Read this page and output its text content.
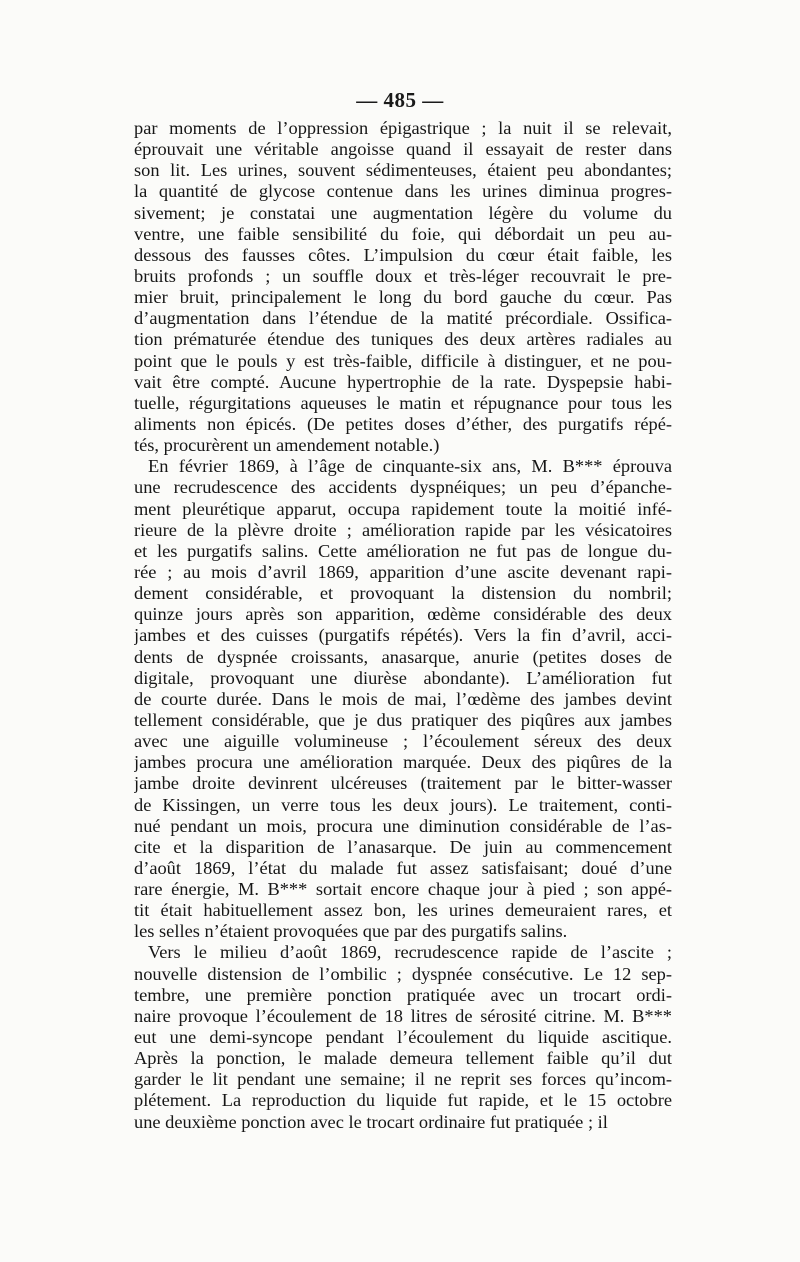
— 485 —
par moments de l’oppression épigastrique ; la nuit il se relevait,
éprouvait une véritable angoisse quand il essayait de rester dans
son lit. Les urines, souvent sédimenteuses, étaient peu abondantes;
la quantité de glycose contenue dans les urines diminua progres-
sivement; je constatai une augmentation légère du volume du
ventre, une faible sensibilité du foie, qui débordait un peu au-
dessous des fausses côtes. L’impulsion du cœur était faible, les
bruits profonds ; un souffle doux et très-léger recouvrait le pre-
mier bruit, principalement le long du bord gauche du cœur. Pas
d’augmentation dans l’étendue de la matité précordiale. Ossifica-
tion prématurée étendue des tuniques des deux artères radiales au
point que le pouls y est très-faible, difficile à distinguer, et ne pou-
vait être compté. Aucune hypertrophie de la rate. Dyspepsie habi-
tuelle, régurgitations aqueuses le matin et répugnance pour tous les
aliments non épicés. (De petites doses d’éther, des purgatifs répé-
tés, procurèrent un amendement notable.)
En février 1869, à l’âge de cinquante-six ans, M. B*** éprouva
une recrudescence des accidents dyspnéiques; un peu d’épanche-
ment pleurétique apparut, occupa rapidement toute la moitié infé-
rieure de la plèvre droite ; amélioration rapide par les vésicatoires
et les purgatifs salins. Cette amélioration ne fut pas de longue du-
rée ; au mois d’avril 1869, apparition d’une ascite devenant rapi-
dement considérable, et provoquant la distension du nombril;
quinze jours après son apparition, œdème considérable des deux
jambes et des cuisses (purgatifs répétés). Vers la fin d’avril, acci-
dents de dyspnée croissants, anasarque, anurie (petites doses de
digitale, provoquant une diurèse abondante). L’amélioration fut
de courte durée. Dans le mois de mai, l’œdème des jambes devint
tellement considérable, que je dus pratiquer des piqûres aux jambes
avec une aiguille volumineuse ; l’écoulement séreux des deux
jambes procura une amélioration marquée. Deux des piqûres de la
jambe droite devinrent ulcéreuses (traitement par le bitter-wasser
de Kissingen, un verre tous les deux jours). Le traitement, conti-
nué pendant un mois, procura une diminution considérable de l’as-
cite et la disparition de l’anasarque. De juin au commencement
d’août 1869, l’état du malade fut assez satisfaisant; doué d’une
rare énergie, M. B*** sortait encore chaque jour à pied ; son appé-
tit était habituellement assez bon, les urines demeuraient rares, et
les selles n’étaient provoquées que par des purgatifs salins.
Vers le milieu d’août 1869, recrudescence rapide de l’ascite ;
nouvelle distension de l’ombilic ; dyspnée consécutive. Le 12 sep-
tembre, une première ponction pratiquée avec un trocart ordi-
naire provoque l’écoulement de 18 litres de sérosité citrine. M. B***
eut une demi-syncope pendant l’écoulement du liquide ascitique.
Après la ponction, le malade demeura tellement faible qu’il dut
garder le lit pendant une semaine; il ne reprit ses forces qu’incom-
plétement. La reproduction du liquide fut rapide, et le 15 octobre
une deuxième ponction avec le trocart ordinaire fut pratiquée ; il
